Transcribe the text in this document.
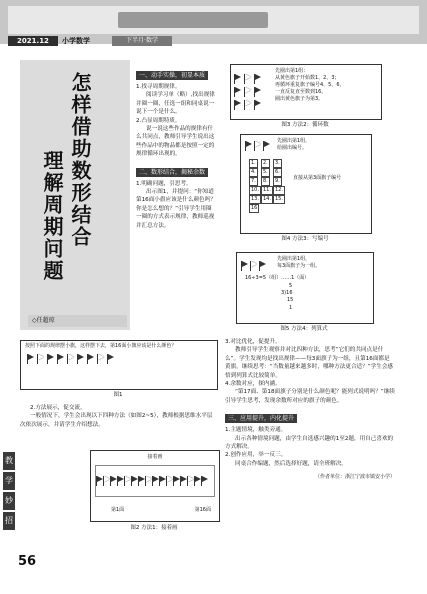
2021.12	小学数学	下半月·数学
怎样借助数形结合
理解周期问题
◇任超琼
一、动手实操，初显本质
1.找寻周期规律。
阅读学习单（略）,找出规律并圈一圈，任选一组和同桌说一说下一个是什么。
2.凸显周期特质。
说一说这些作品的规律有什么共同点，教师引导学生说出这些作品中的物品都是按照一定的规律循环出现的。
二、数形结合，揭秘余数
1.明确问题，引思考。
出示图1，并提问：“你知道第16面小旗应该是什么颜色吗？你是怎么想的？”引导学生用圈一圈的方式表示规律，教师巡视并汇总方法。
按照下面的规律摆小旗，这样摆下去，第16面小旗应该是什么颜色？
图1
2.方法展示，促交流。
一般情况下，学生会出现以下四种方法（如图2~5），教师根据思维水平层次依次展示，并请学生介绍想法。
教
学
妙
招
接着画
第1面	第16面
图2 方法1：接着画
56
先圈出第1组：
从黄色旗子开始数1、2、3；
再循环重复旗子编号4、5、6，
一直反复直至数到16。
圈出黄色旗子为第3。
图3 方法2：循环数
先圈出第1组，
给圈出编号。
1.	2.	3.
4.	5.	6.
7.	8.	9.
10. 11. 12.
13. 14. 15.
16
直接从第3面旗子编号
图4 方法3：写编号
先圈出第1组，
每3面旗子为一组。
16÷3=5（组）……1（面）
5
3)16
15
1
图5 方法4：列算式
3.对比优化，促提升。
教师引导学生观察并对比四种方法，思考“它们的共同点是什么”。学生发现均是找出规律——每3面旗子为一组，且第16面都是黄旗。继续思考：“当数量越来越多时，哪种方法更合适？”学生会感悟到列算式比较简单。
4.余数对应，探内涵。
“第17面、第18面旗子分别是什么颜色呢？能列式说明吗？”继续引导学生思考，发现余数所对应的旗子的颜色。
三、应用提升，内化提升
1.主题情境，触类旁通。
出示各种情境问题，由学生自选感兴趣的1至2题，用自己喜欢的方式解决。
2.创作应用，举一反三。
同桌合作编题，然后选择好题，请全班解决。
（作者单位：浙江宁波市镇安小学）
